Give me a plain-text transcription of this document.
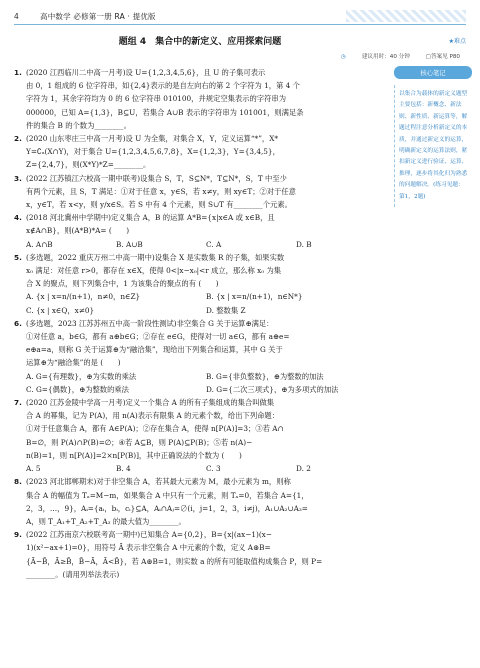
4	高中数学 必修第一册 RA · 提优版
题组 4　集合中的新定义、应用探索问题	★难点
◷	建议用时：40 分钟	▢答案见 P80
1. (2020 江西临川二中高一月考)设 U={1,2,3,4,5,6}，且 U 的子集可表示
由 0，1 组成的 6 位字符串，如{2,4}表示的是自左向右的第 2 个字符为 1，第 4 个
字符为 1，其余字符均为 0 的 6 位字符串 010100，并规定空集表示的字符串为
000000，已知 A={1,3}，B⊆U，若集合 A∪B 表示的字符串为 101001，则满足条
件的集合 B 的个数为________。
2. (2020 山东枣庄三中高一月考)设 U 为全集，对集合 X，Y，定义运算“*”，X*
Y=∁ᵤ(X∩Y)，对于集合 U={1,2,3,4,5,6,7,8}，X={1,2,3}，Y={3,4,5}，
Z={2,4,7}，则(X*Y)*Z=________。
3. (2022 江苏镇江六校高一期中联考)设集合 S，T，S⊆N*，T⊆N*，S，T 中至少
有两个元素，且 S，T 满足：①对于任意 x，y∈S，若 x≠y，则 xy∈T；②对于任意
x，y∈T，若 x<y，则 y/x∈S。若 S 中有 4 个元素，则 S∪T 有________个元素。
4. (2018 河北冀州中学期中)定义集合 A，B 的运算 A*B={x|x∈A 或 x∈B，且
x∉A∩B}，则(A*B)*A= (　　)
A. A∩B	B. A∪B	C. A	D. B
5. (多选题，2022 重庆万州二中高一期中)设集合 X 是实数集 R 的子集，如果实数
x₀ 满足：对任意 r>0，都存在 x∈X，使得 0<|x−x₀|<r 成立，那么称 x₀ 为集
合 X 的聚点，则下列集合中，1 为该集合的聚点的有 (　　)
A. {x | x=n/(n+1)，n≠0，n∈Z}	B. {x | x=n/(n+1)，n∈N*}
C. {x | x∈Q，x≠0}	D. 整数集 Z
6. (多选题，2023 江苏苏州五中高一阶段性测试)非空集合 G 关于运算⊕满足：
①对任意 a，b∈G，都有 a⊕b∈G；②存在 e∈G，使得对一切 a∈G，都有 a⊕e=
e⊕a=a，则称 G 关于运算⊕为“融洽集”，现给出下列集合和运算，其中 G 关于
运算⊕为“融洽集”的是 (　　)
A. G={有理数}，⊕为实数的乘法	B. G={非负整数}，⊕为整数的加法
C. G={偶数}，⊕为整数的乘法	D. G={二次三项式}，⊕为多项式的加法
7. (2020 江苏金陵中学高一月考)定义一个集合 A 的所有子集组成的集合叫做集
合 A 的幂集，记为 P(A)，用 n(A)表示有限集 A 的元素个数，给出下列命题：
①对于任意集合 A，都有 A∈P(A)；②存在集合 A，使得 n[P(A)]=3；③若 A∩
B=∅，则 P(A)∩P(B)=∅；④若 A⊆B，则 P(A)⊆P(B)；⑤若 n(A)−
n(B)=1，则 n[P(A)]=2×n[P(B)]，其中正确说法的个数为 (　　)
A. 5	B. 4	C. 3	D. 2
8. (2023 河北邯郸期末)对于非空集合 A，若其最大元素为 M，最小元素为 m，则称
集合 A 的幅值为 Tₐ=M−m，如果集合 A 中只有一个元素，则 Tₐ=0，若集合 A={1，
2，3，…，9}，Aᵢ={aᵢ，bᵢ，cᵢ}⊆A，Aᵢ∩Aⱼ=∅(i，j=1，2，3，i≠j)，A₁∪A₂∪A₃=
A，则 T_A₁+T_A₂+T_A₃ 的最大值为________。
9. (2022 江苏南京六校联考高一期中)已知集合 A={0,2}，B={x|(ax−1)(x−
1)(x²−ax+1)=0}，用符号 Ā 表示非空集合 A 中元素的个数，定义 A⊛B=
{Ā−B̄，Ā≥B̄，B̄−Ā，Ā<B̄}，若 A⊛B=1，则实数 a 的所有可能取值构成集合 P，则 P=
________。(请用列举法表示)
核心笔记
以集合为载体的新定义题型主要包括：新概念、新法则、新性质、新运算等，解题过程注意分析新定义的本质，并通过新定义的运算，明确新定义的运算法则，紧扣新定义进行验证、运算、推理，逐步将其化归为熟悉的问题解决。(练习见题：第1，2题)
